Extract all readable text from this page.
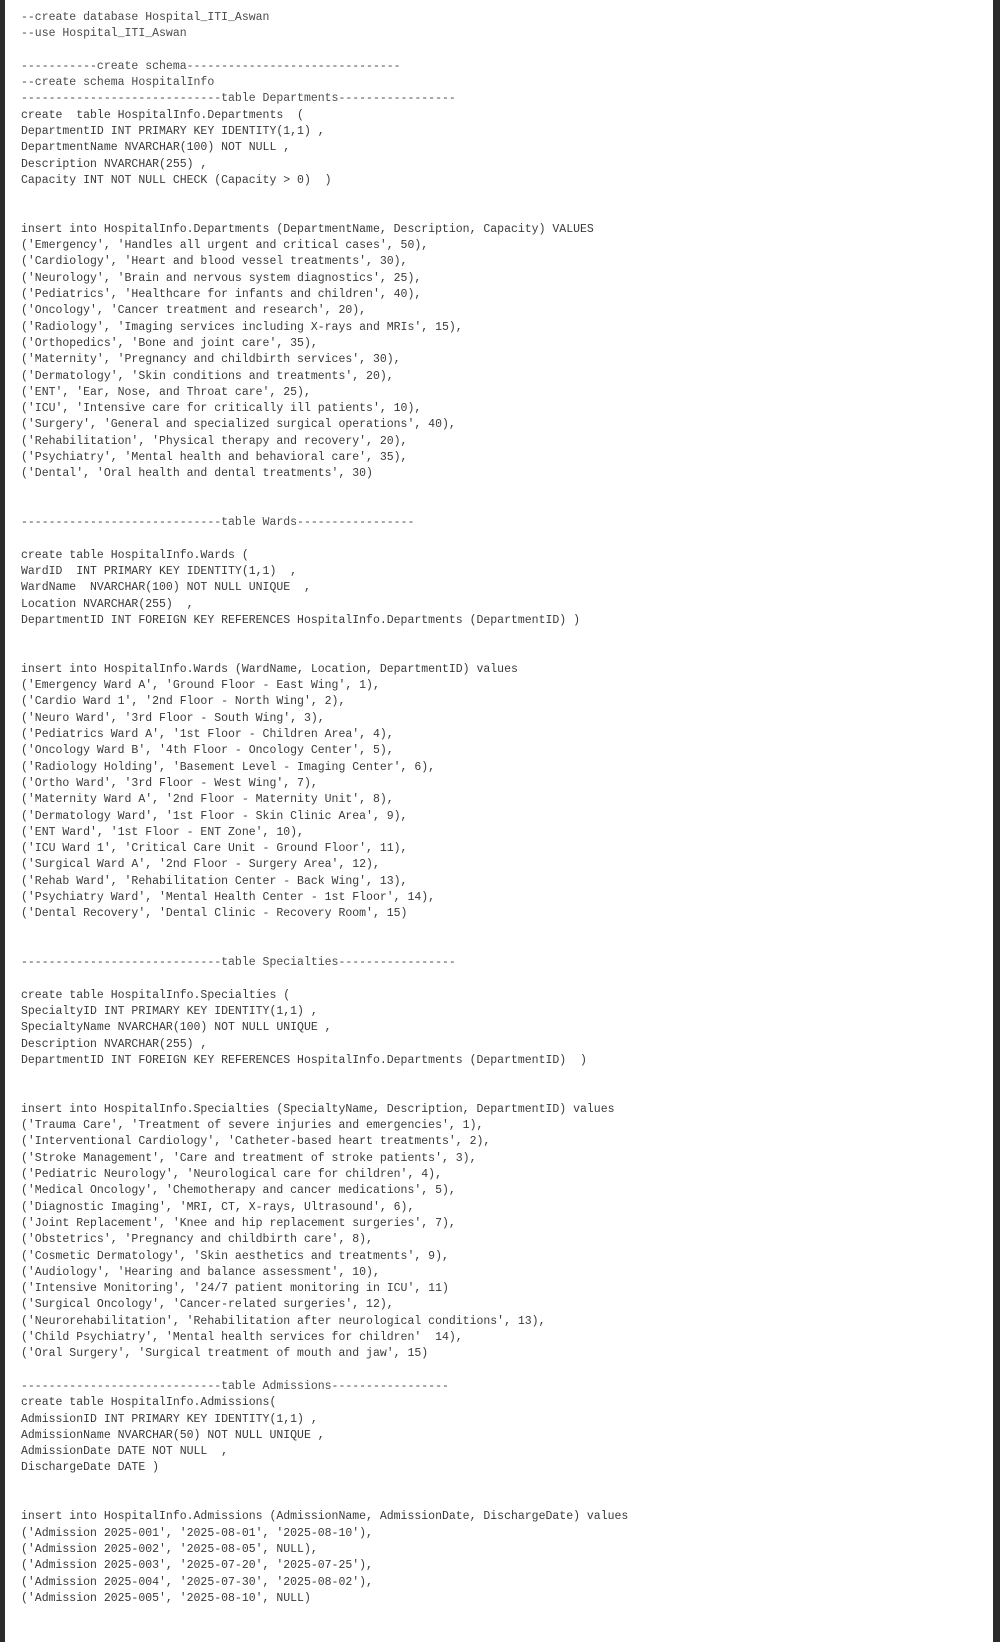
--create database Hospital_ITI_Aswan
--use Hospital_ITI_Aswan

-----------create schema-------------------------------
--create schema HospitalInfo
-----------------------------table Departments-----------------
create  table HospitalInfo.Departments  (
DepartmentID INT PRIMARY KEY IDENTITY(1,1) ,
DepartmentName NVARCHAR(100) NOT NULL ,
Description NVARCHAR(255) ,
Capacity INT NOT NULL CHECK (Capacity > 0)  )

insert into HospitalInfo.Departments (DepartmentName, Description, Capacity) VALUES
('Emergency', 'Handles all urgent and critical cases', 50),
('Cardiology', 'Heart and blood vessel treatments', 30),
('Neurology', 'Brain and nervous system diagnostics', 25),
('Pediatrics', 'Healthcare for infants and children', 40),
('Oncology', 'Cancer treatment and research', 20),
('Radiology', 'Imaging services including X-rays and MRIs', 15),
('Orthopedics', 'Bone and joint care', 35),
('Maternity', 'Pregnancy and childbirth services', 30),
('Dermatology', 'Skin conditions and treatments', 20),
('ENT', 'Ear, Nose, and Throat care', 25),
('ICU', 'Intensive care for critically ill patients', 10),
('Surgery', 'General and specialized surgical operations', 40),
('Rehabilitation', 'Physical therapy and recovery', 20),
('Psychiatry', 'Mental health and behavioral care', 35),
('Dental', 'Oral health and dental treatments', 30)

-----------------------------table Wards-----------------

create table HospitalInfo.Wards (
WardID  INT PRIMARY KEY IDENTITY(1,1)  ,
WardName  NVARCHAR(100) NOT NULL UNIQUE  ,
Location NVARCHAR(255)  ,
DepartmentID INT FOREIGN KEY REFERENCES HospitalInfo.Departments (DepartmentID) )

insert into HospitalInfo.Wards (WardName, Location, DepartmentID) values
('Emergency Ward A', 'Ground Floor - East Wing', 1),
('Cardio Ward 1', '2nd Floor - North Wing', 2),
('Neuro Ward', '3rd Floor - South Wing', 3),
('Pediatrics Ward A', '1st Floor - Children Area', 4),
('Oncology Ward B', '4th Floor - Oncology Center', 5),
('Radiology Holding', 'Basement Level - Imaging Center', 6),
('Ortho Ward', '3rd Floor - West Wing', 7),
('Maternity Ward A', '2nd Floor - Maternity Unit', 8),
('Dermatology Ward', '1st Floor - Skin Clinic Area', 9),
('ENT Ward', '1st Floor - ENT Zone', 10),
('ICU Ward 1', 'Critical Care Unit - Ground Floor', 11),
('Surgical Ward A', '2nd Floor - Surgery Area', 12),
('Rehab Ward', 'Rehabilitation Center - Back Wing', 13),
('Psychiatry Ward', 'Mental Health Center - 1st Floor', 14),
('Dental Recovery', 'Dental Clinic - Recovery Room', 15)

-----------------------------table Specialties-----------------

create table HospitalInfo.Specialties (
SpecialtyID INT PRIMARY KEY IDENTITY(1,1) ,
SpecialtyName NVARCHAR(100) NOT NULL UNIQUE ,
Description NVARCHAR(255) ,
DepartmentID INT FOREIGN KEY REFERENCES HospitalInfo.Departments (DepartmentID)  )

insert into HospitalInfo.Specialties (SpecialtyName, Description, DepartmentID) values
('Trauma Care', 'Treatment of severe injuries and emergencies', 1),
('Interventional Cardiology', 'Catheter-based heart treatments', 2),
('Stroke Management', 'Care and treatment of stroke patients', 3),
('Pediatric Neurology', 'Neurological care for children', 4),
('Medical Oncology', 'Chemotherapy and cancer medications', 5),
('Diagnostic Imaging', 'MRI, CT, X-rays, Ultrasound', 6),
('Joint Replacement', 'Knee and hip replacement surgeries', 7),
('Obstetrics', 'Pregnancy and childbirth care', 8),
('Cosmetic Dermatology', 'Skin aesthetics and treatments', 9),
('Audiology', 'Hearing and balance assessment', 10),
('Intensive Monitoring', '24/7 patient monitoring in ICU', 11)
('Surgical Oncology', 'Cancer-related surgeries', 12),
('Neurorehabilitation', 'Rehabilitation after neurological conditions', 13),
('Child Psychiatry', 'Mental health services for children'  14),
('Oral Surgery', 'Surgical treatment of mouth and jaw', 15)

-----------------------------table Admissions-----------------
create table HospitalInfo.Admissions(
AdmissionID INT PRIMARY KEY IDENTITY(1,1) ,
AdmissionName NVARCHAR(50) NOT NULL UNIQUE ,
AdmissionDate DATE NOT NULL  ,
DischargeDate DATE )

insert into HospitalInfo.Admissions (AdmissionName, AdmissionDate, DischargeDate) values
('Admission 2025-001', '2025-08-01', '2025-08-10'),
('Admission 2025-002', '2025-08-05', NULL),
('Admission 2025-003', '2025-07-20', '2025-07-25'),
('Admission 2025-004', '2025-07-30', '2025-08-02'),
('Admission 2025-005', '2025-08-10', NULL)
